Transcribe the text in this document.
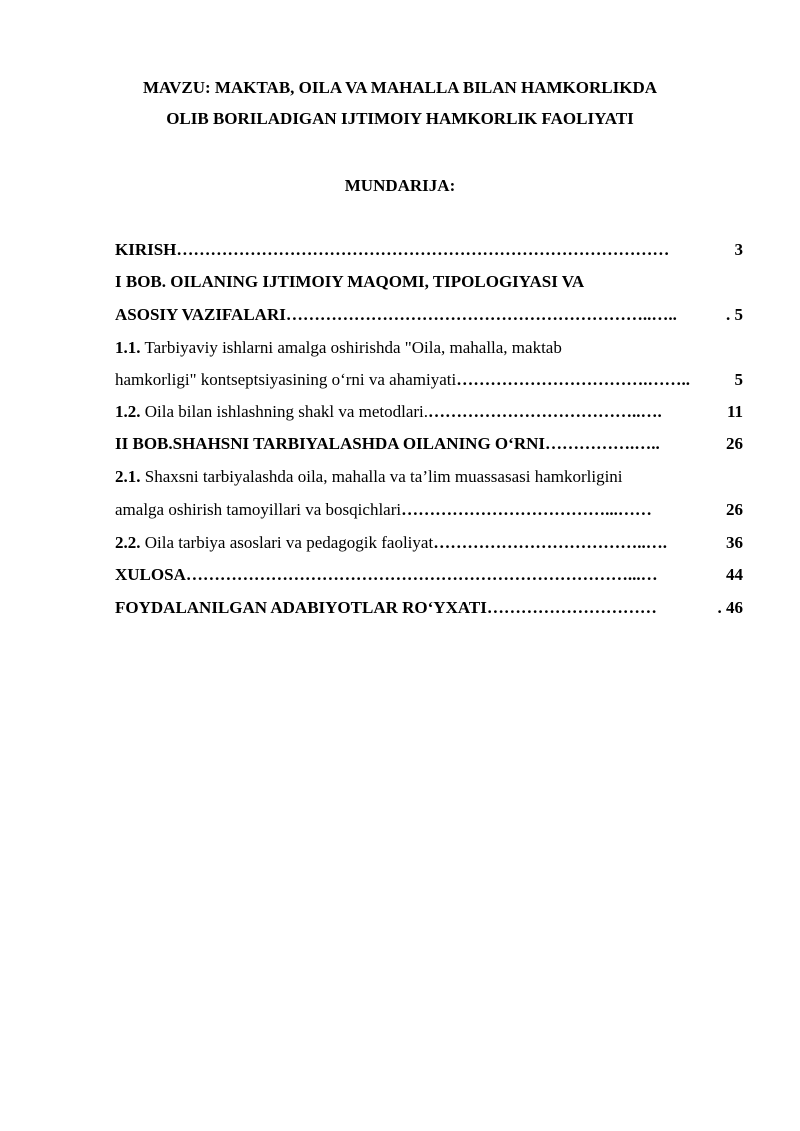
MAVZU: MAKTAB, OILA VA MAHALLA BILAN HAMKORLIKDA
OLIB BORILADIGAN IJTIMOIY HAMKORLIK FAOLIYATI
MUNDARIJA:
KIRISH ……………………………………………………………………………	3
I BOB. OILANING IJTIMOIY MAQOMI, TIPOLOGIYASI VA
ASOSIY VAZIFALARI ………………………………………………………..…..	. 5
1.1. Tarbiyaviy ishlarni amalga oshirishda "Oila, mahalla, maktab
hamkorligi" kontseptsiyasining o‘rni va ahamiyati …………………………….……..	5
1.2. Oila bilan ishlashning shakl va metodlari. ………………………………..….	11
II BOB.SHAHSNI TARBIYALASHDA OILANING O‘RNI …………….…..	26
2.1. Shaxsni tarbiyalashda oila, mahalla va ta’lim muassasasi hamkorligini
amalga oshirish tamoyillari va bosqichlari ………………………………...……	26
2.2. Oila tarbiya asoslari va pedagogik faoliyat ………………………………..….	36
XULOSA ……………………………………………………………………...…	44
FOYDALANILGAN ADABIYOTLAR RO‘YXATI …………………………	. 46
